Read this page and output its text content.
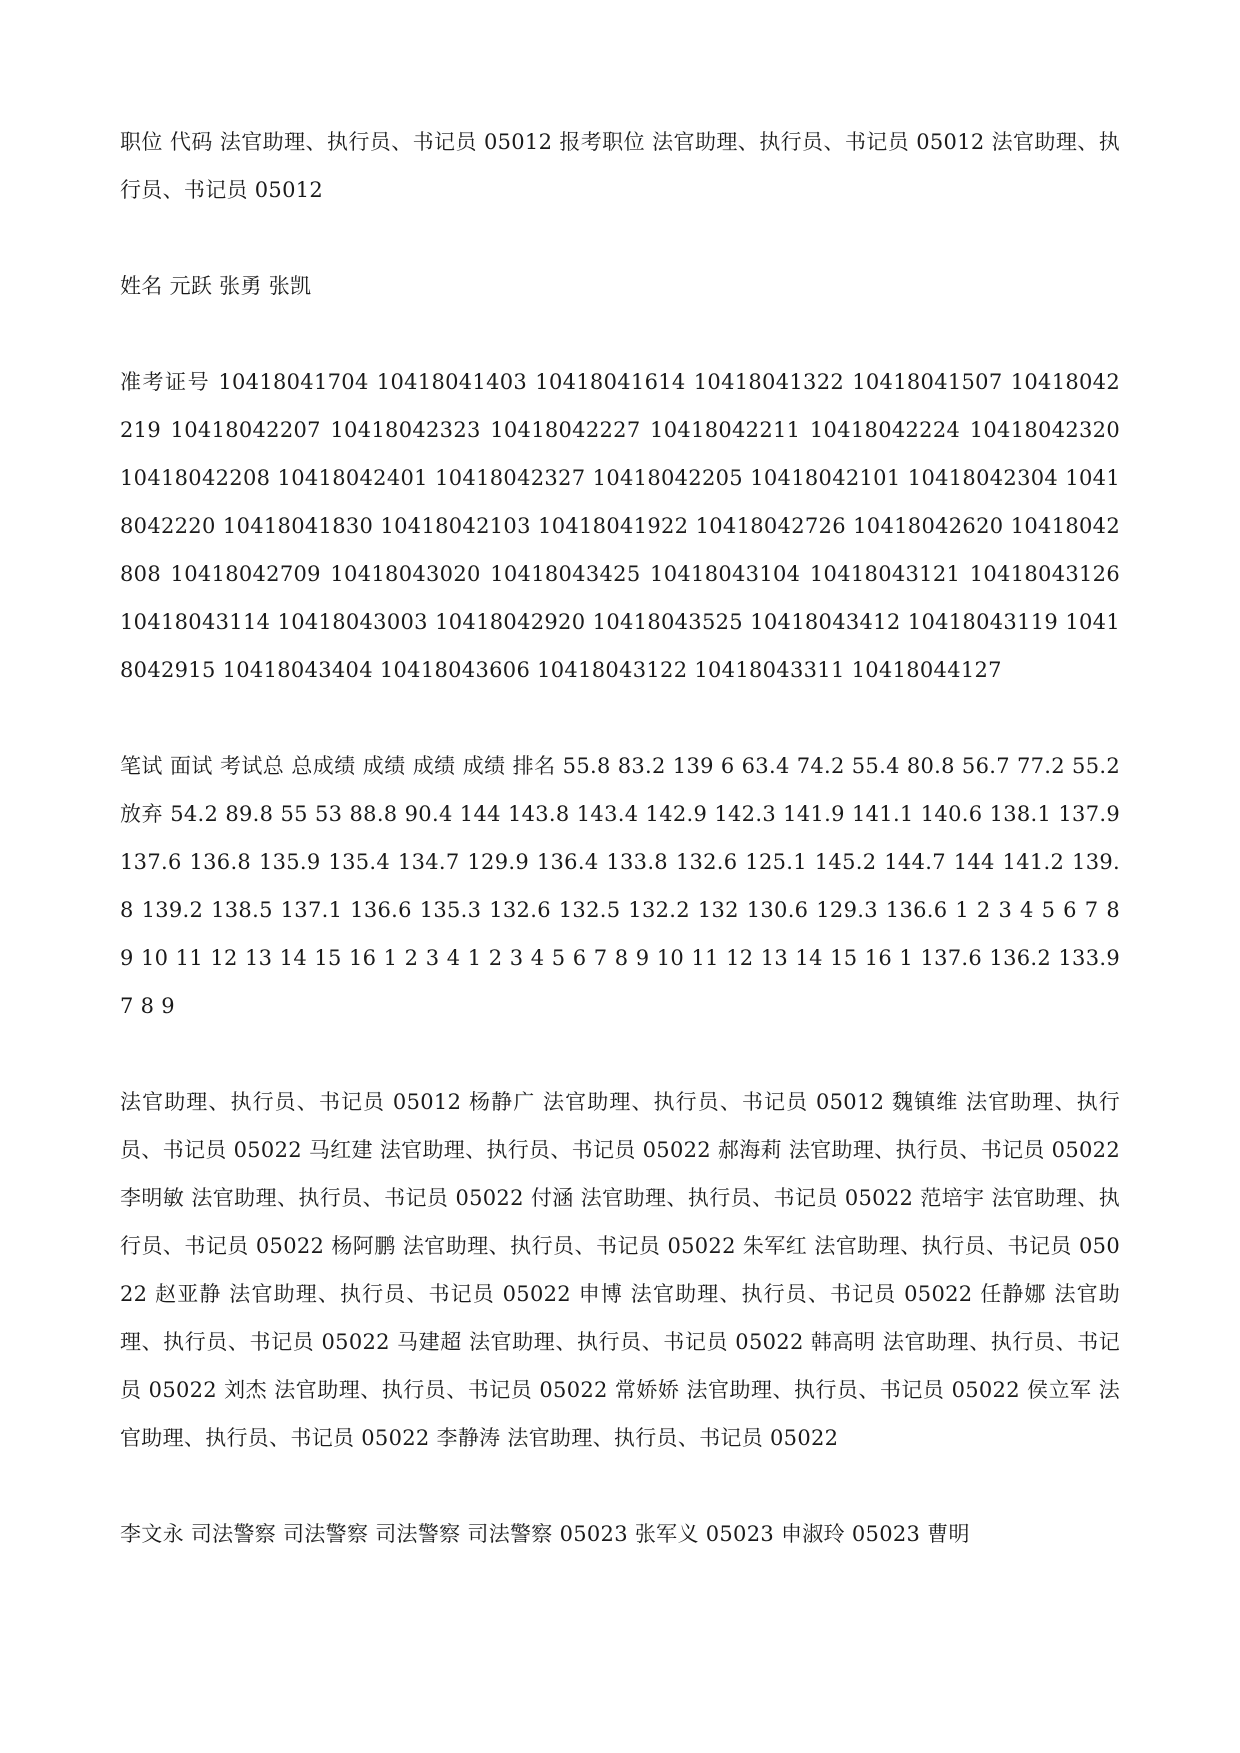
职位 代码 法官助理、执行员、书记员 05012 报考职位 法官助理、执行员、书记员 05012 法官助理、执行员、书记员 05012

姓名 元跃 张勇 张凯

准考证号 10418041704 10418041403 10418041614 10418041322 10418041507 10418042219 10418042207 10418042323 10418042227 10418042211 10418042224 10418042320 10418042208 10418042401 10418042327 10418042205 10418042101 10418042304 10418042220 10418041830 10418042103 10418041922 10418042726 10418042620 10418042808 10418042709 10418043020 10418043425 10418043104 10418043121 10418043126 10418043114 10418043003 10418042920 10418043525 10418043412 10418043119 10418042915 10418043404 10418043606 10418043122 10418043311 10418044127

笔试 面试 考试总 总成绩 成绩 成绩 成绩 排名 55.8 83.2 139 6 63.4 74.2 55.4 80.8 56.7 77.2 55.2 放弃 54.2 89.8 55 53 88.8 90.4 144 143.8 143.4 142.9 142.3 141.9 141.1 140.6 138.1 137.9 137.6 136.8 135.9 135.4 134.7 129.9 136.4 133.8 132.6 125.1 145.2 144.7 144 141.2 139.8 139.2 138.5 137.1 136.6 135.3 132.6 132.5 132.2 132 130.6 129.3 136.6 1 2 3 4 5 6 7 8 9 10 11 12 13 14 15 16 1 2 3 4 1 2 3 4 5 6 7 8 9 10 11 12 13 14 15 16 1 137.6 136.2 133.9 7 8 9

法官助理、执行员、书记员 05012 杨静广 法官助理、执行员、书记员 05012 魏镇维 法官助理、执行员、书记员 05022 马红建 法官助理、执行员、书记员 05022 郝海莉 法官助理、执行员、书记员 05022 李明敏 法官助理、执行员、书记员 05022 付涵 法官助理、执行员、书记员 05022 范培宇 法官助理、执行员、书记员 05022 杨阿鹏 法官助理、执行员、书记员 05022 朱军红 法官助理、执行员、书记员 05022 赵亚静 法官助理、执行员、书记员 05022 申博 法官助理、执行员、书记员 05022 任静娜 法官助理、执行员、书记员 05022 马建超 法官助理、执行员、书记员 05022 韩高明 法官助理、执行员、书记员 05022 刘杰 法官助理、执行员、书记员 05022 常娇娇 法官助理、执行员、书记员 05022 侯立军 法官助理、执行员、书记员 05022 李静涛 法官助理、执行员、书记员 05022

李文永 司法警察 司法警察 司法警察 司法警察 05023 张军义 05023 申淑玲 05023 曹明
